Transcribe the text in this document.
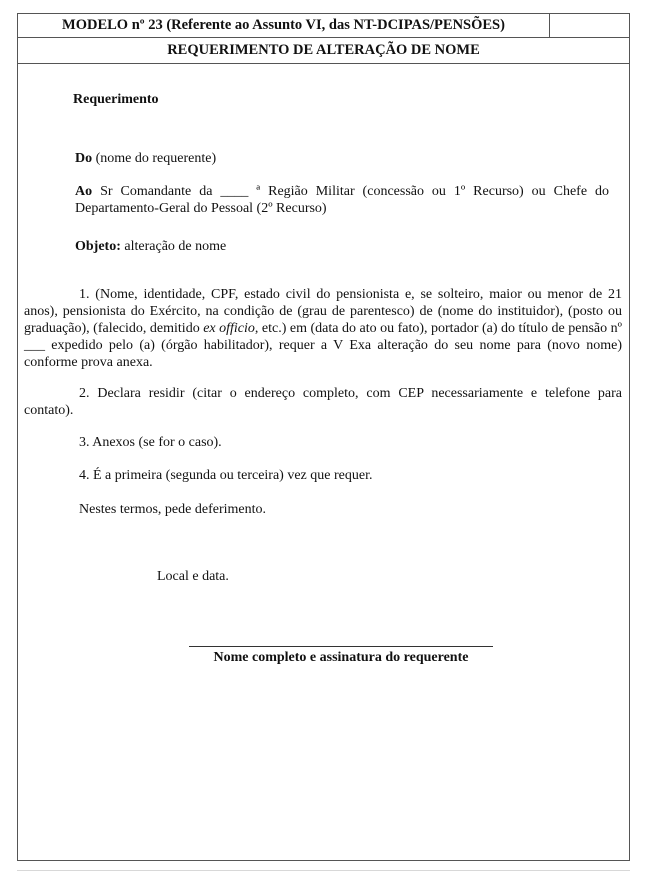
MODELO nº 23 (Referente ao Assunto VI, das NT-DCIPAS/PENSÕES)
REQUERIMENTO DE ALTERAÇÃO DE NOME
Requerimento
Do (nome do requerente)
Ao Sr Comandante da ____ ª Região Militar (concessão ou 1º Recurso) ou Chefe do Departamento-Geral do Pessoal (2º Recurso)
Objeto: alteração de nome
1. (Nome, identidade, CPF, estado civil do pensionista e, se solteiro, maior ou menor de 21 anos), pensionista do Exército, na condição de (grau de parentesco) de (nome do instituidor), (posto ou graduação), (falecido, demitido ex officio, etc.) em (data do ato ou fato), portador (a) do título de pensão nº ___ expedido pelo (a) (órgão habilitador), requer a V Exa alteração do seu nome para (novo nome) conforme prova anexa.
2. Declara residir (citar o endereço completo, com CEP necessariamente e telefone para contato).
3. Anexos (se for o caso).
4. É a primeira (segunda ou terceira) vez que requer.
Nestes termos, pede deferimento.
Local e data.
Nome completo e assinatura do requerente
